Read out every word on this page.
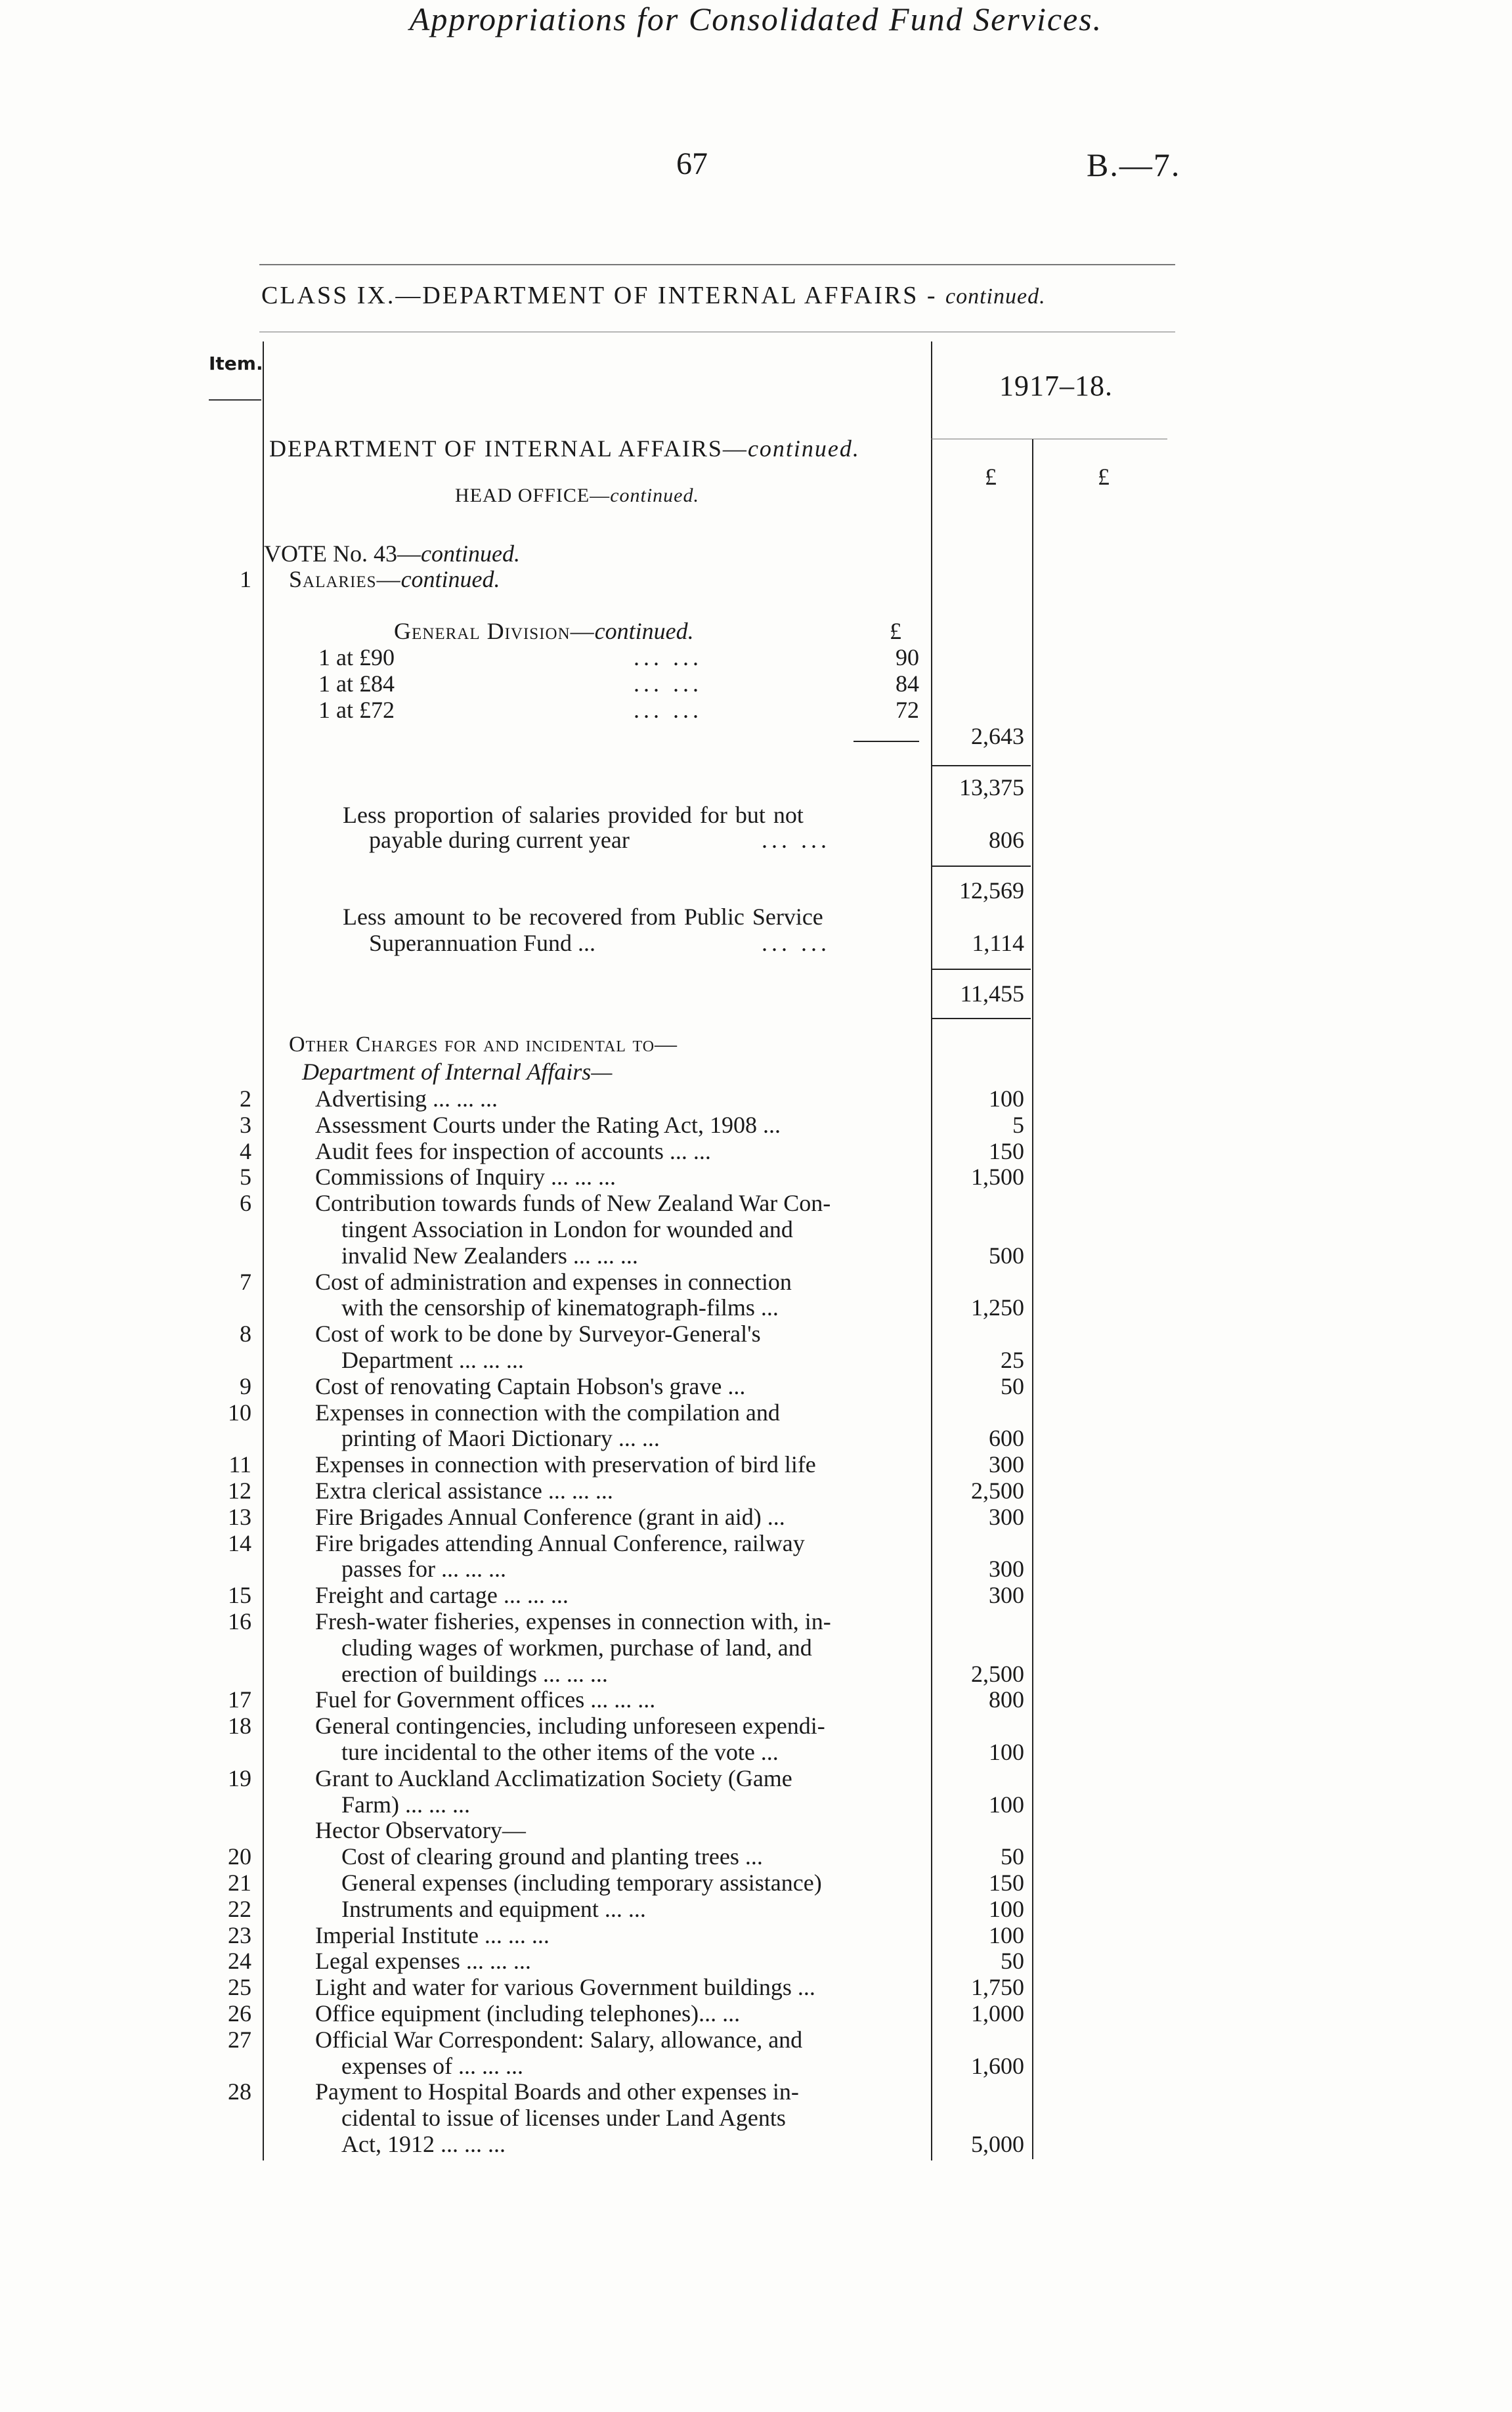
67	B.—7.
Appropriations for Consolidated Fund Services.
CLASS IX.—DEPARTMENT OF INTERNAL AFFAIRS - continued.
Item.
1917–18.
£	£
DEPARTMENT OF INTERNAL AFFAIRS—continued.
HEAD OFFICE—continued.
VOTE No. 43—continued.
1 Salaries—continued.
General Division—continued.	£
1 at £90	... ...	90
1 at £84	... ...	84
1 at £72	... ...	72
2,643
13,375
Less proportion of salaries provided for but not
payable during current year	... ...	806
12,569
Less amount to be recovered from Public Service
Superannuation Fund ...	... ...	1,114
11,455
Other Charges for and incidental to—
Department of Internal Affairs—
2	Advertising ... ... ...	100
3	Assessment Courts under the Rating Act, 1908 ...	5
4	Audit fees for inspection of accounts ... ...	150
5	Commissions of Inquiry ... ... ...	1,500
6	Contribution towards funds of New Zealand War Con-
tingent Association in London for wounded and
invalid New Zealanders ... ... ...	500
7	Cost of administration and expenses in connection
with the censorship of kinematograph-films ...	1,250
8	Cost of work to be done by Surveyor-General's
Department ... ... ...	25
9	Cost of renovating Captain Hobson's grave ...	50
10	Expenses in connection with the compilation and
printing of Maori Dictionary ... ...	600
11	Expenses in connection with preservation of bird life	300
12	Extra clerical assistance ... ... ...	2,500
13	Fire Brigades Annual Conference (grant in aid) ...	300
14	Fire brigades attending Annual Conference, railway
passes for ... ... ...	300
15	Freight and cartage ... ... ...	300
16	Fresh-water fisheries, expenses in connection with, in-
cluding wages of workmen, purchase of land, and
erection of buildings ... ... ...	2,500
17	Fuel for Government offices ... ... ...	800
18	General contingencies, including unforeseen expendi-
ture incidental to the other items of the vote ...	100
19	Grant to Auckland Acclimatization Society (Game
Farm) ... ... ...	100
Hector Observatory—
20	Cost of clearing ground and planting trees ...	50
21	General expenses (including temporary assistance)	150
22	Instruments and equipment ... ...	100
23	Imperial Institute ... ... ...	100
24	Legal expenses ... ... ...	50
25	Light and water for various Government buildings ...	1,750
26	Office equipment (including telephones)... ...	1,000
27	Official War Correspondent: Salary, allowance, and
expenses of ... ... ...	1,600
28	Payment to Hospital Boards and other expenses in-
cidental to issue of licenses under Land Agents
Act, 1912 ... ... ...	5,000
